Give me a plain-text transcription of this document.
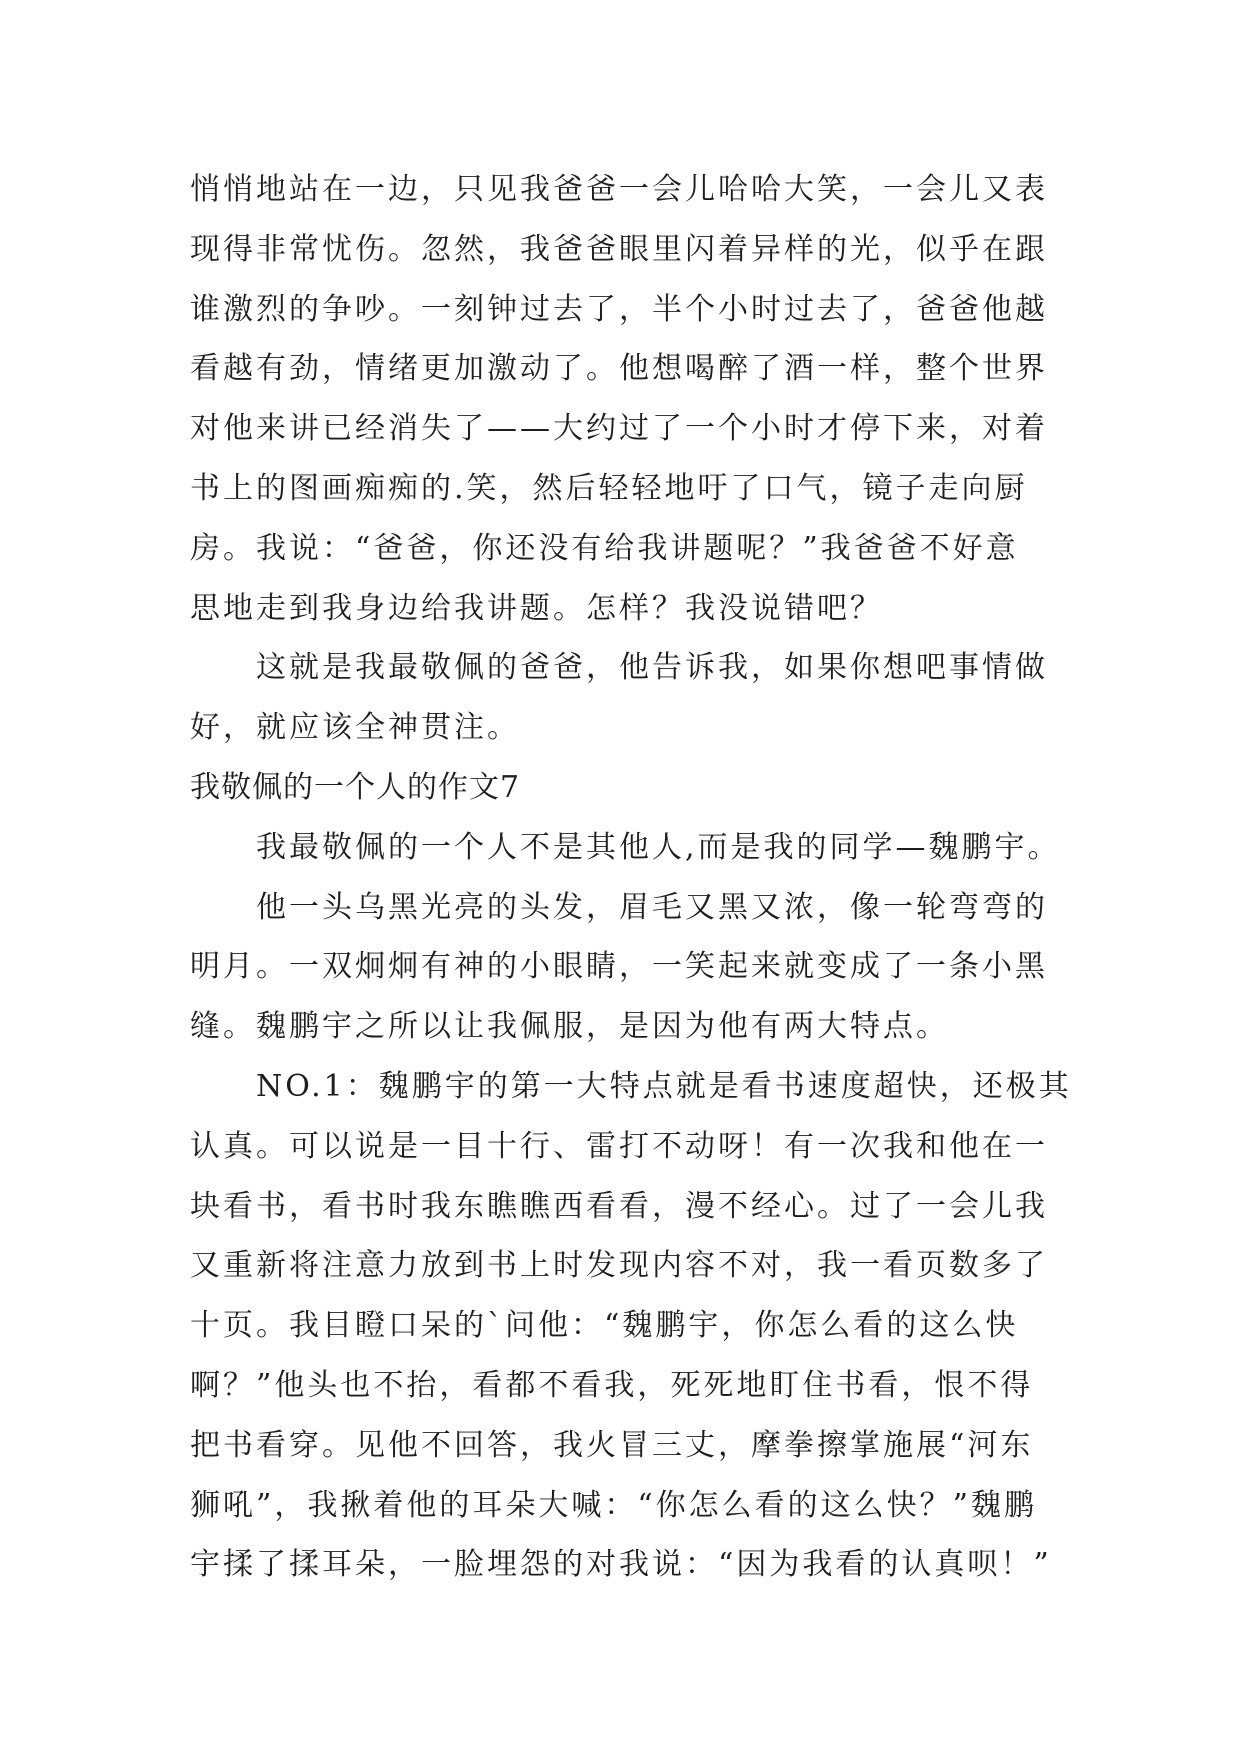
悄悄地站在一边，只见我爸爸一会儿哈哈大笑，一会儿又表

现得非常忧伤。忽然，我爸爸眼里闪着异样的光，似乎在跟

谁激烈的争吵。一刻钟过去了，半个小时过去了，爸爸他越

看越有劲，情绪更加激动了。他想喝醉了酒一样，整个世界

对他来讲已经消失了——大约过了一个小时才停下来，对着

书上的图画痴痴的.笑，然后轻轻地吁了口气，镜子走向厨

房。我说：“爸爸，你还没有给我讲题呢？”我爸爸不好意

思地走到我身边给我讲题。怎样？我没说错吧？

这就是我最敬佩的爸爸，他告诉我，如果你想吧事情做

好，就应该全神贯注。

我敬佩的一个人的作文7

我最敬佩的一个人不是其他人,而是我的同学—魏鹏宇。

他一头乌黑光亮的头发，眉毛又黑又浓，像一轮弯弯的

明月。一双炯炯有神的小眼睛，一笑起来就变成了一条小黑

缝。魏鹏宇之所以让我佩服，是因为他有两大特点。

NO.1：魏鹏宇的第一大特点就是看书速度超快，还极其

认真。可以说是一目十行、雷打不动呀！有一次我和他在一

块看书，看书时我东瞧瞧西看看，漫不经心。过了一会儿我

又重新将注意力放到书上时发现内容不对，我一看页数多了

十页。我目瞪口呆的`问他：“魏鹏宇，你怎么看的这么快

啊？”他头也不抬，看都不看我，死死地盯住书看，恨不得

把书看穿。见他不回答，我火冒三丈，摩拳擦掌施展“河东

狮吼”，我揪着他的耳朵大喊：“你怎么看的这么快？”魏鹏

宇揉了揉耳朵，一脸埋怨的对我说：“因为我看的认真呗！”
